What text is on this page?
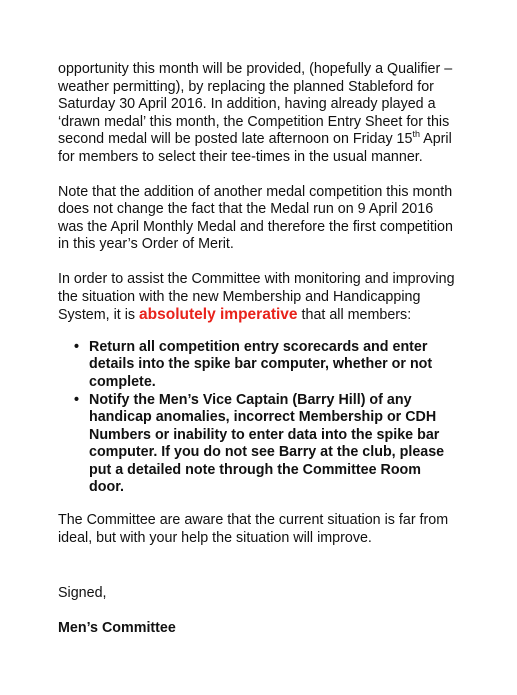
opportunity this month will be provided, (hopefully a Qualifier –
weather permitting), by replacing the planned Stableford for
Saturday 30 April 2016. In addition, having already played a
‘drawn medal’ this month, the Competition Entry Sheet for this
second medal will be posted late afternoon on Friday 15th April
for members to select their tee-times in the usual manner.

Note that the addition of another medal competition this month
does not change the fact that the Medal run on 9 April 2016
was the April Monthly Medal and therefore the first competition
in this year’s Order of Merit.

In order to assist the Committee with monitoring and improving
the situation with the new Membership and Handicapping
System, it is absolutely imperative that all members:

• Return all competition entry scorecards and enter details into the spike bar computer, whether or not complete.
• Notify the Men’s Vice Captain (Barry Hill) of any handicap anomalies, incorrect Membership or CDH Numbers or inability to enter data into the spike bar computer. If you do not see Barry at the club, please put a detailed note through the Committee Room door.

The Committee are aware that the current situation is far from
ideal, but with your help the situation will improve.

Signed,

Men’s Committee
